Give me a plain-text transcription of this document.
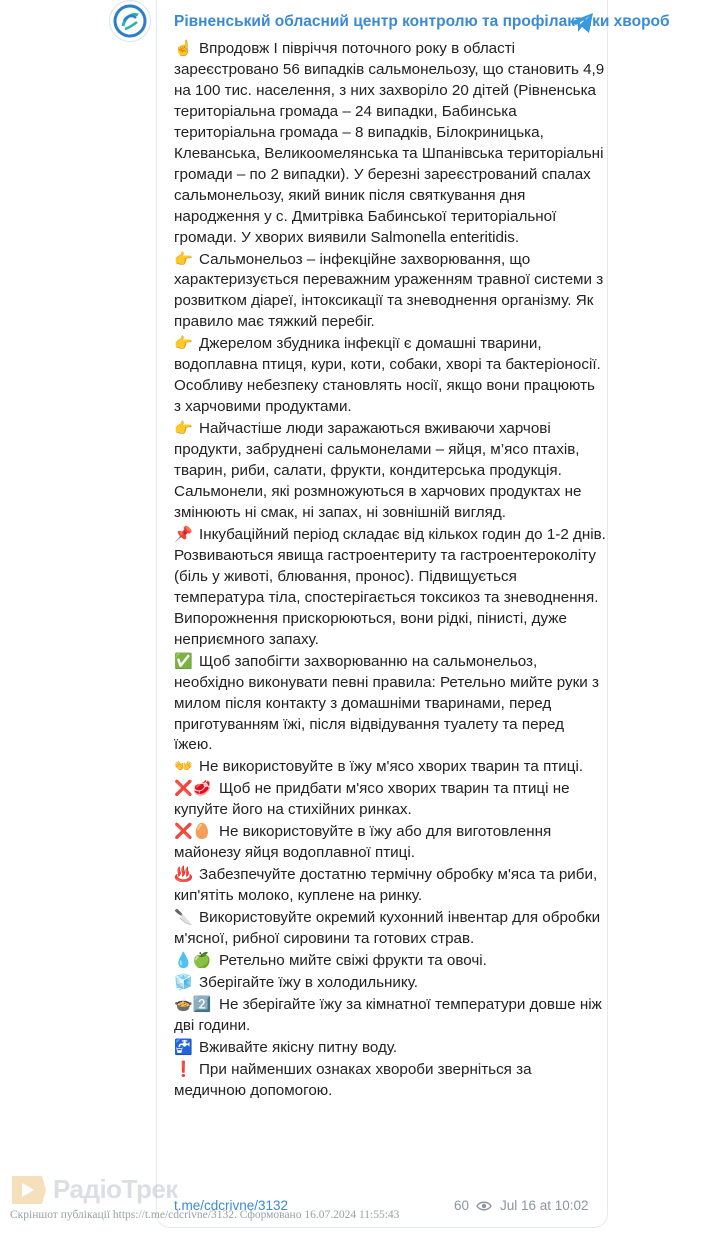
Рівненський обласний центр контролю та профілактики хвороб
☝️ Впродовж І півріччя поточного року в області зареєстровано 56 випадків сальмонельозу, що становить 4,9 на 100 тис. населення, з них захворіло 20 дітей (Рівненська територіальна громада – 24 випадки, Бабинська територіальна громада – 8 випадків, Білокриницька, Клеванська, Великоомелянська та Шпанівська територіальні громади – по 2 випадки). У березні зареєстрований спалах сальмонельозу, який виник після святкування дня народження у с. Дмитрівка Бабинської територіальної громади. У хворих виявили Salmonella enteritidis.
👉 Сальмонельоз – інфекційне захворювання, що характеризується переважним ураженням травної системи з розвитком діареї, інтоксикації та зневоднення організму. Як правило має тяжкий перебіг.
👉 Джерелом збудника інфекції є домашні тварини, водоплавна птиця, кури, коти, собаки, хворі та бактеріоносії. Особливу небезпеку становлять носії, якщо вони працюють з харчовими продуктами.
👉 Найчастіше люди заражаються вживаючи харчові продукти, забруднені сальмонелами – яйця, м’ясо птахів, тварин, риби, салати, фрукти, кондитерська продукція. Сальмонели, які розмножуються в харчових продуктах не змінюють ні смак, ні запах, ні зовнішній вигляд.
📌 Інкубаційний період складає від кількох годин до 1-2 днів. Розвиваються явища гастроентериту та гастроентероколіту (біль у животі, блювання, пронос). Підвищується температура тіла, спостерігається токсикоз та зневоднення. Випорожнення прискорюються, вони рідкі, пінисті, дуже неприємного запаху.
✅ Щоб запобігти захворюванню на сальмонельоз, необхідно виконувати певні правила: Ретельно мийте руки з милом після контакту з домашніми тваринами, перед приготуванням їжі, після відвідування туалету та перед їжею.
👐 Не використовуйте в їжу м'ясо хворих тварин та птиці.
❌🥩 Щоб не придбати м'ясо хворих тварин та птиці не купуйте його на стихійних ринках.
❌🥚 Не використовуйте в їжу або для виготовлення майонезу яйця водоплавної птиці.
♨️ Забезпечуйте достатню термічну обробку м'яса та риби, кип'ятіть молоко, куплене на ринку.
🔪 Використовуйте окремий кухонний інвентар для обробки м'ясної, рибної сировини та готових страв.
💧🍏 Ретельно мийте свіжі фрукти та овочі.
🧊 Зберігайте їжу в холодильнику.
🍲2️⃣ Не зберігайте їжу за кімнатної температури довше ніж дві години.
🚰 Вживайте якісну питну воду.
❗ При найменших ознаках хвороби зверніться за медичною допомогою.
t.me/cdcrivne/3132	60 Jul 16 at 10:02
РадіоТрек
Скріншот публікації https://t.me/cdcrivne/3132. Сформовано 16.07.2024 11:55:43
